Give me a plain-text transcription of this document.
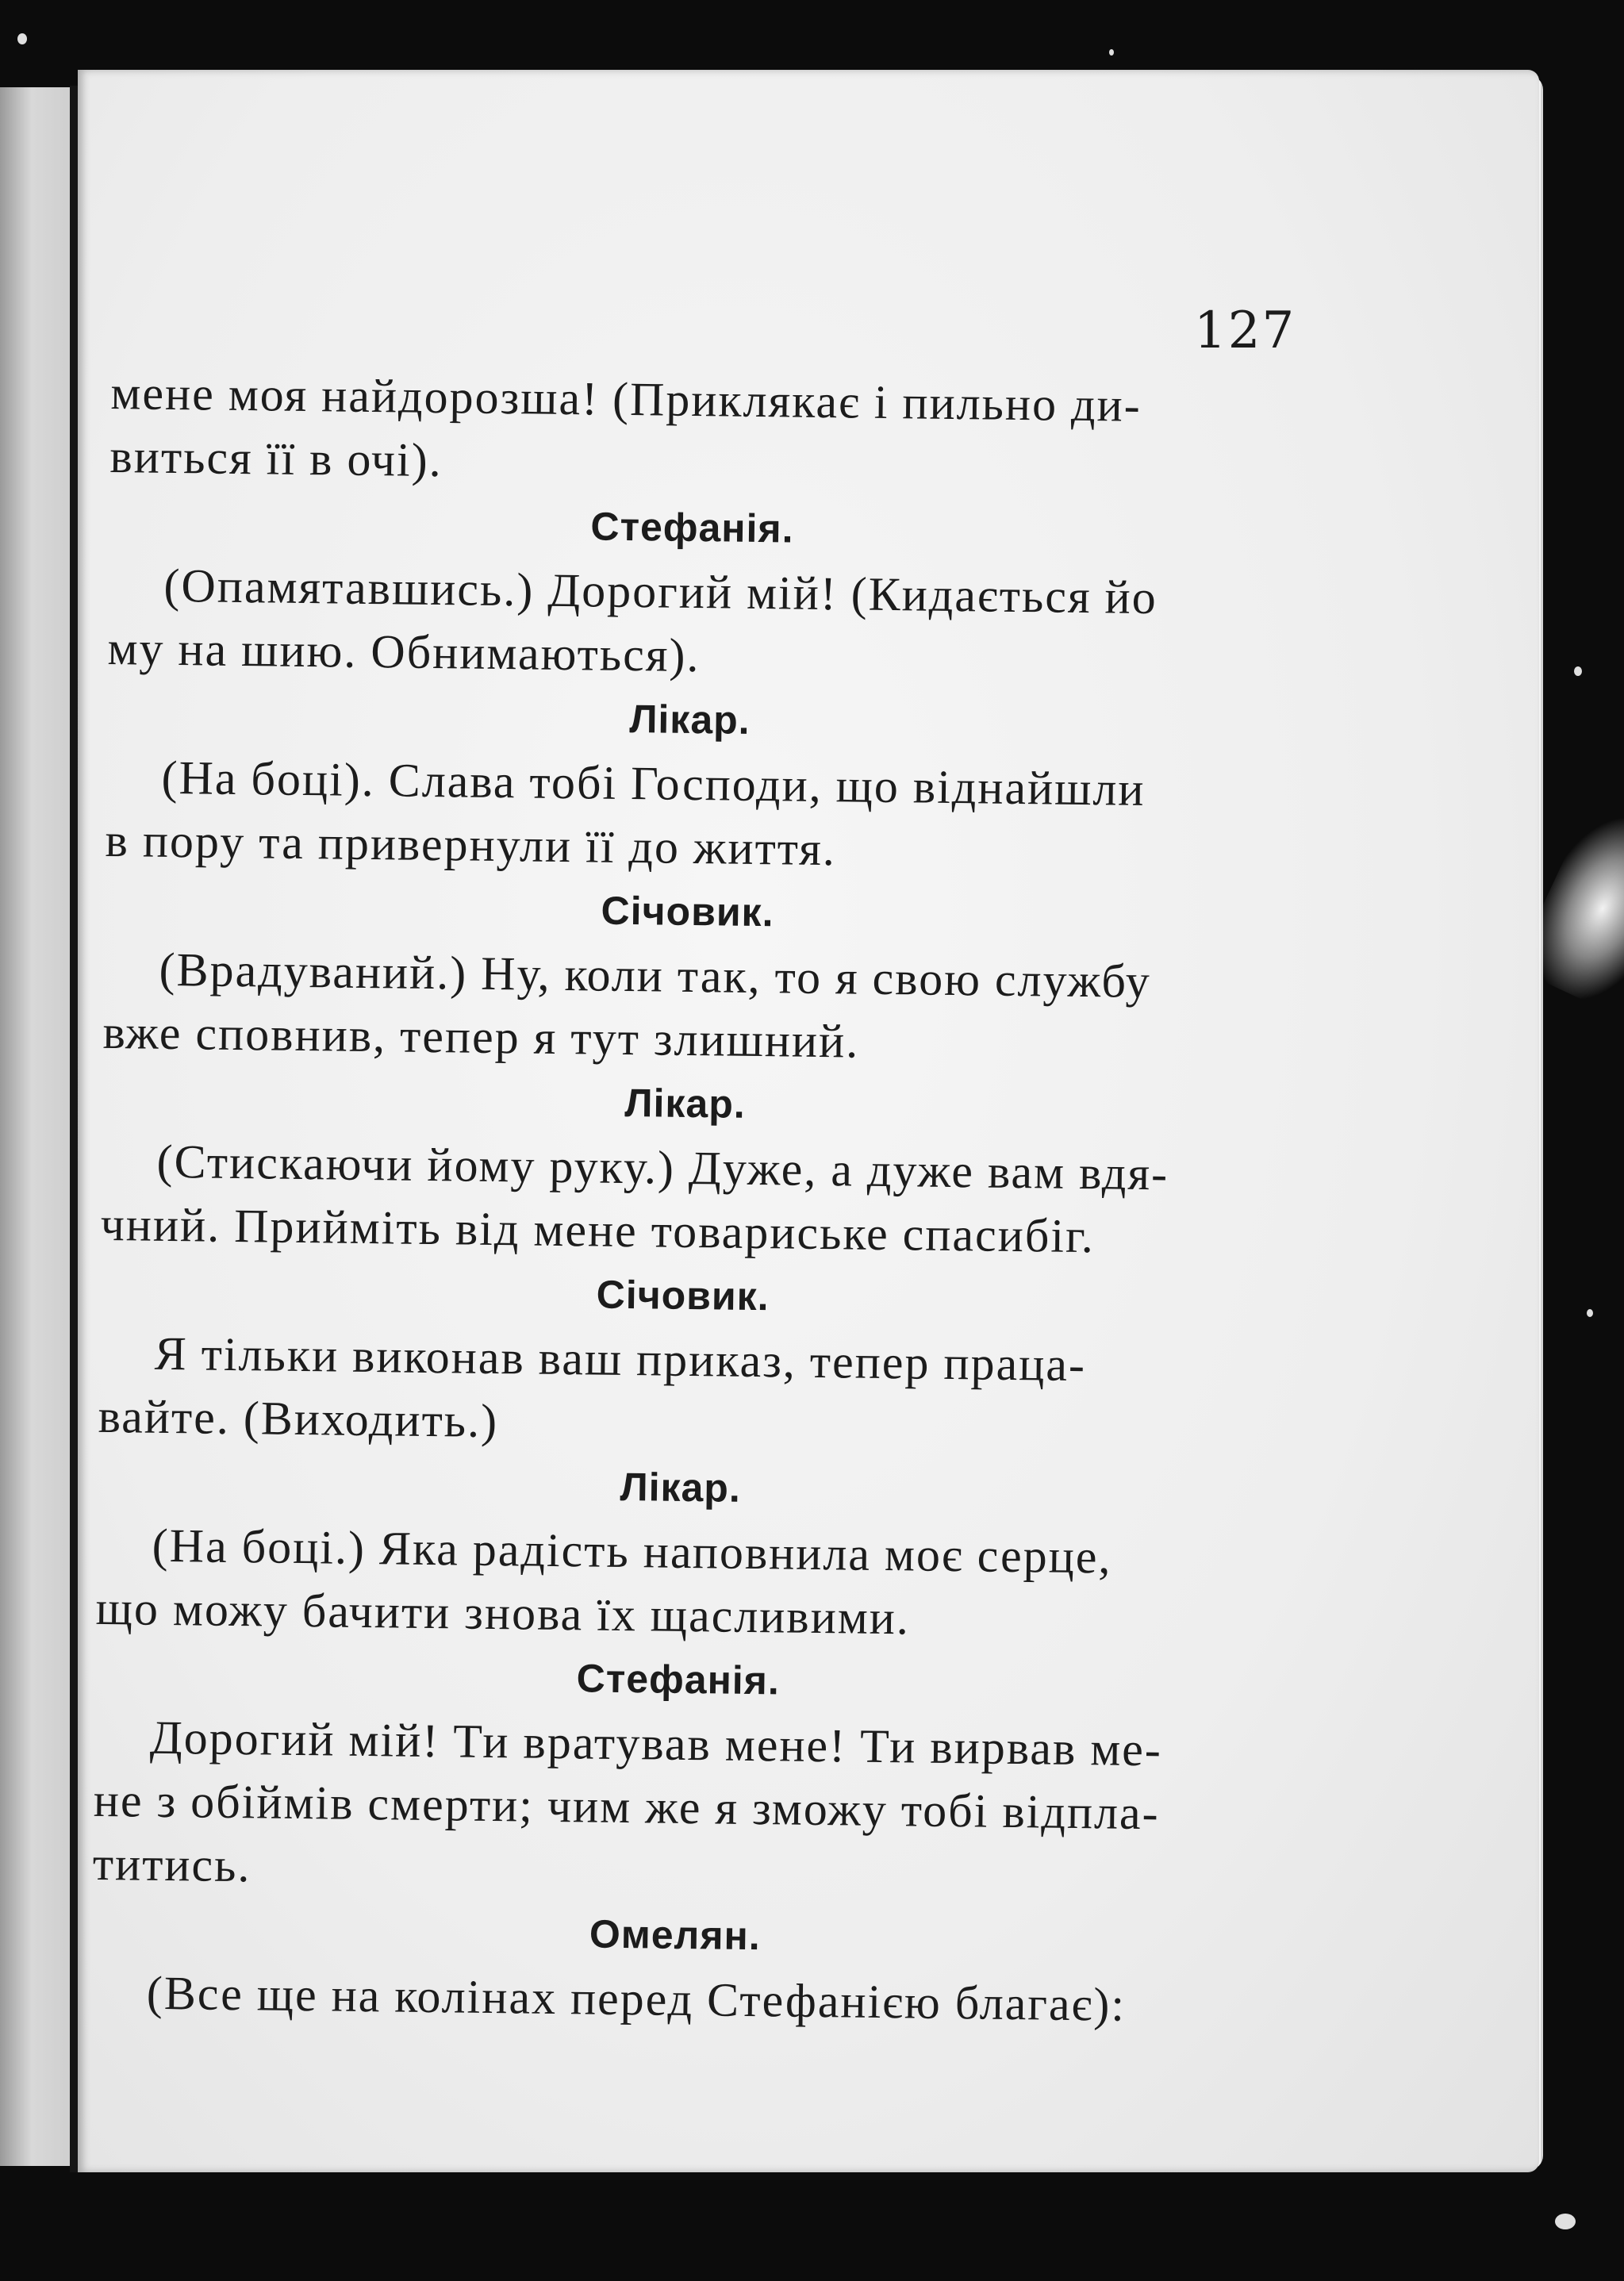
127
мене моя найдорозша! (Приклякає і пильно ди-
виться її в очі).
Стефанія.
(Опамятавшись.) Дорогий мій! (Кидається йо
му на шию. Обнимаються).
Лікар.
(На боці). Слава тобі Господи, що віднайшли
в пору та привернули її до життя.
Січовик.
(Врадуваний.) Ну, коли так, то я свою службу
вже сповнив, тепер я тут злишний.
Лікар.
(Стискаючи йому руку.) Дуже, а дуже вам вдя-
чний. Прийміть від мене товариське спасибіг.
Січовик.
Я тільки виконав ваш приказ, тепер праца-
вайте. (Виходить.)
Лікар.
(На боці.) Яка радість наповнила моє серце,
що можу бачити знова їх щасливими.
Стефанія.
Дорогий мій! Ти вратував мене! Ти вирвав ме-
не з обіймів смерти; чим же я зможу тобі відпла-
титись.
Омелян.
(Все ще на колінах перед Стефанією благає):
